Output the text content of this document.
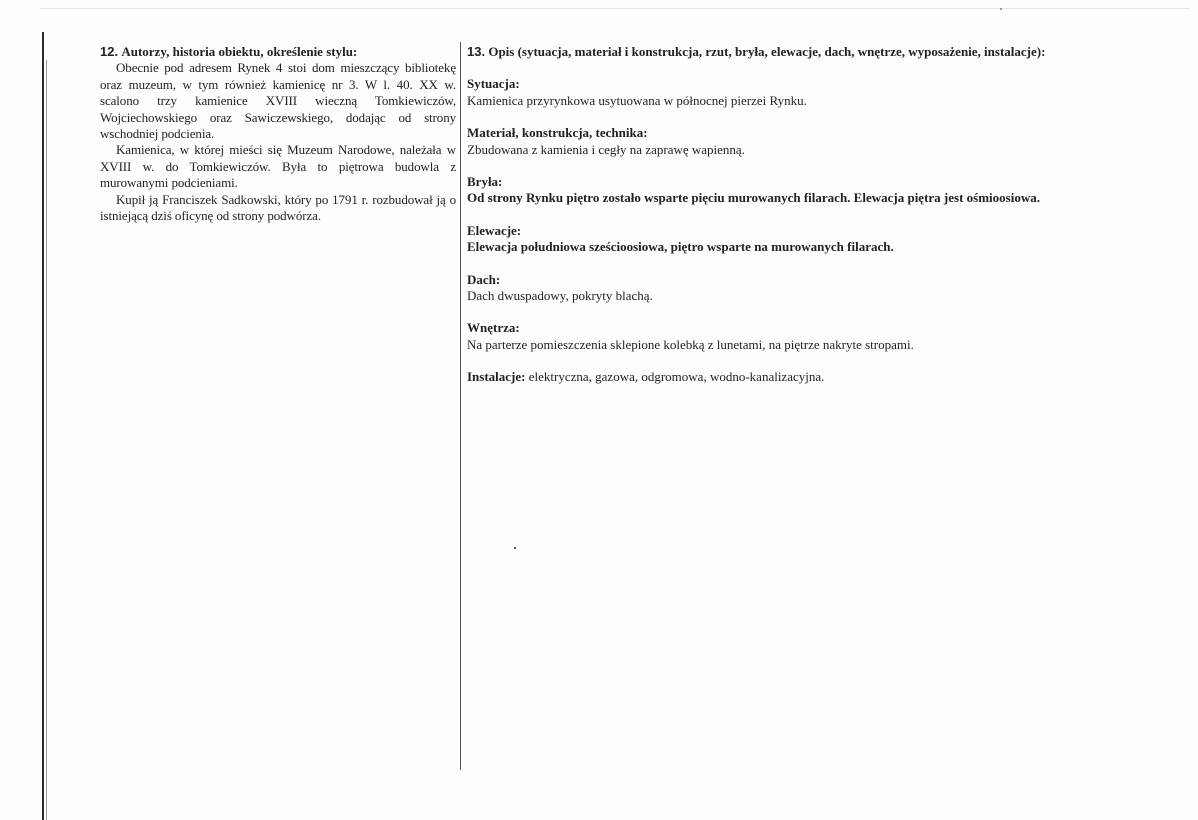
12. Autorzy, historia obiektu, określenie stylu:

Obecnie pod adresem Rynek 4 stoi dom mieszczący bibliotekę oraz muzeum, w tym również kamienicę nr 3. W l. 40. XX w. scalono trzy kamienice XVIII wieczną Tomkiewiczów, Wojciechowskiego oraz Sawiczewskiego, dodając od strony wschodniej podcienia.

Kamienica, w której mieści się Muzeum Narodowe, należała w XVIII w. do Tomkiewiczów. Była to piętrowa budowla z murowanymi podcieniami.

Kupił ją Franciszek Sadkowski, który po 1791 r. rozbudował ją o istniejącą dziś oficynę od strony podwórza.

13. Opis (sytuacja, materiał i konstrukcja, rzut, bryła, elewacje, dach, wnętrze, wyposażenie, instalacje):

Sytuacja:
Kamienica przyrynkowa usytuowana w północnej pierzei Rynku.
Materiał, konstrukcja, technika:
Zbudowana z kamienia i cegły na zaprawę wapienną.
Bryła:
Od strony Rynku piętro zostało wsparte pięciu murowanych filarach. Elewacja piętra jest ośmioosiowa.
Elewacje:
Elewacja południowa sześcioosiowa, piętro wsparte na murowanych filarach.
Dach:
Dach dwuspadowy, pokryty blachą.
Wnętrza:
Na parterze pomieszczenia sklepione kolebką z lunetami, na piętrze nakryte stropami.
Instalacje: elektryczna, gazowa, odgromowa, wodno-kanalizacyjna.
